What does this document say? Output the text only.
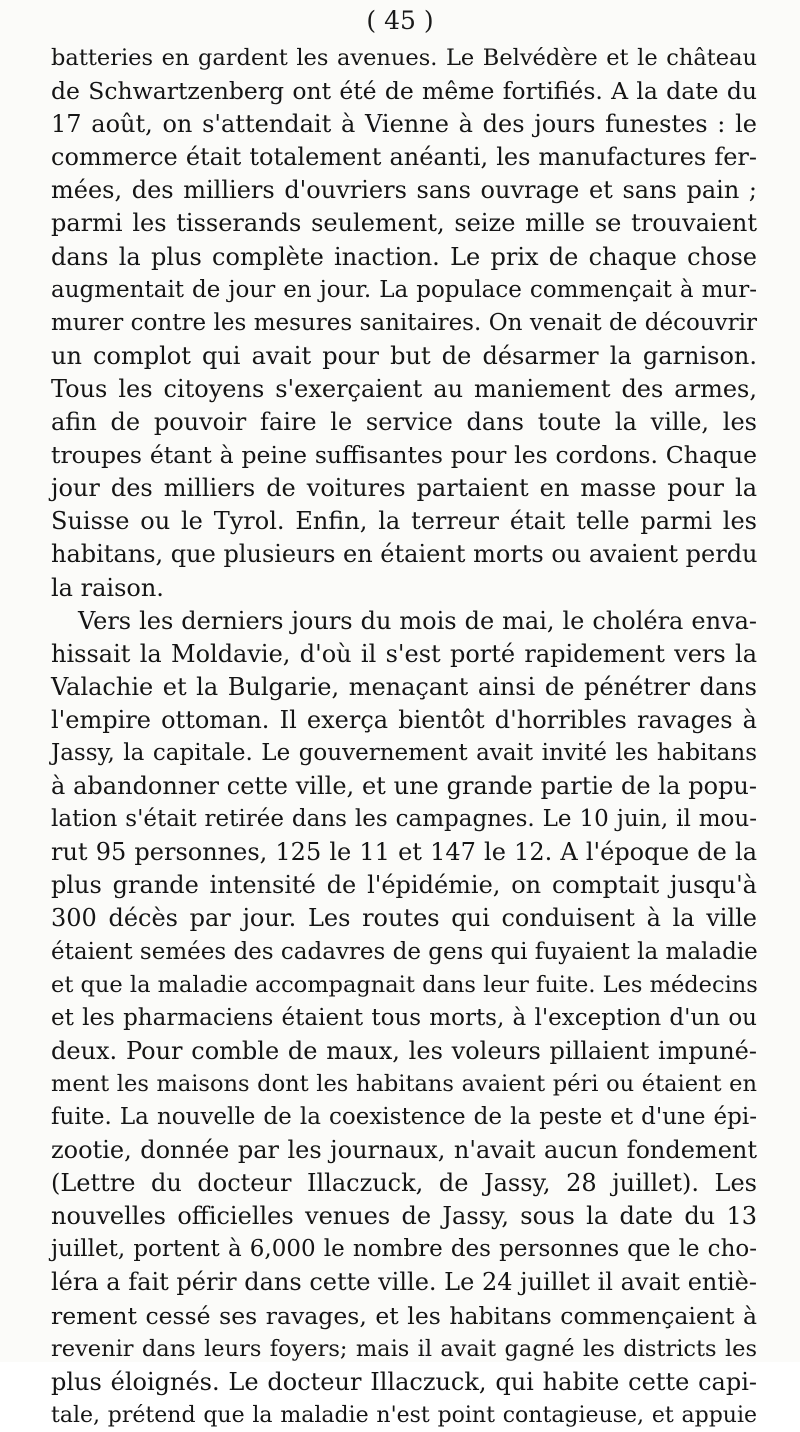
( 45 )
batteries en gardent les avenues. Le Belvédère et le château
de Schwartzenberg ont été de même fortifiés. A la date du
17 août, on s'attendait à Vienne à des jours funestes : le
commerce était totalement anéanti, les manufactures fer-
mées, des milliers d'ouvriers sans ouvrage et sans pain ;
parmi les tisserands seulement, seize mille se trouvaient
dans la plus complète inaction. Le prix de chaque chose
augmentait de jour en jour. La populace commençait à mur-
murer contre les mesures sanitaires. On venait de découvrir
un complot qui avait pour but de désarmer la garnison.
Tous les citoyens s'exerçaient au maniement des armes,
afin de pouvoir faire le service dans toute la ville, les
troupes étant à peine suffisantes pour les cordons. Chaque
jour des milliers de voitures partaient en masse pour la
Suisse ou le Tyrol. Enfin, la terreur était telle parmi les
habitans, que plusieurs en étaient morts ou avaient perdu
la raison.
Vers les derniers jours du mois de mai, le choléra enva-
hissait la Moldavie, d'où il s'est porté rapidement vers la
Valachie et la Bulgarie, menaçant ainsi de pénétrer dans
l'empire ottoman. Il exerça bientôt d'horribles ravages à
Jassy, la capitale. Le gouvernement avait invité les habitans
à abandonner cette ville, et une grande partie de la popu-
lation s'était retirée dans les campagnes. Le 10 juin, il mou-
rut 95 personnes, 125 le 11 et 147 le 12. A l'époque de la
plus grande intensité de l'épidémie, on comptait jusqu'à
300 décès par jour. Les routes qui conduisent à la ville
étaient semées des cadavres de gens qui fuyaient la maladie
et que la maladie accompagnait dans leur fuite. Les médecins
et les pharmaciens étaient tous morts, à l'exception d'un ou
deux. Pour comble de maux, les voleurs pillaient impuné-
ment les maisons dont les habitans avaient péri ou étaient en
fuite. La nouvelle de la coexistence de la peste et d'une épi-
zootie, donnée par les journaux, n'avait aucun fondement
(Lettre du docteur Illaczuck, de Jassy, 28 juillet). Les
nouvelles officielles venues de Jassy, sous la date du 13
juillet, portent à 6,000 le nombre des personnes que le cho-
léra a fait périr dans cette ville. Le 24 juillet il avait entiè-
rement cessé ses ravages, et les habitans commençaient à
revenir dans leurs foyers; mais il avait gagné les districts les
plus éloignés. Le docteur Illaczuck, qui habite cette capi-
tale, prétend que la maladie n'est point contagieuse, et appuie
